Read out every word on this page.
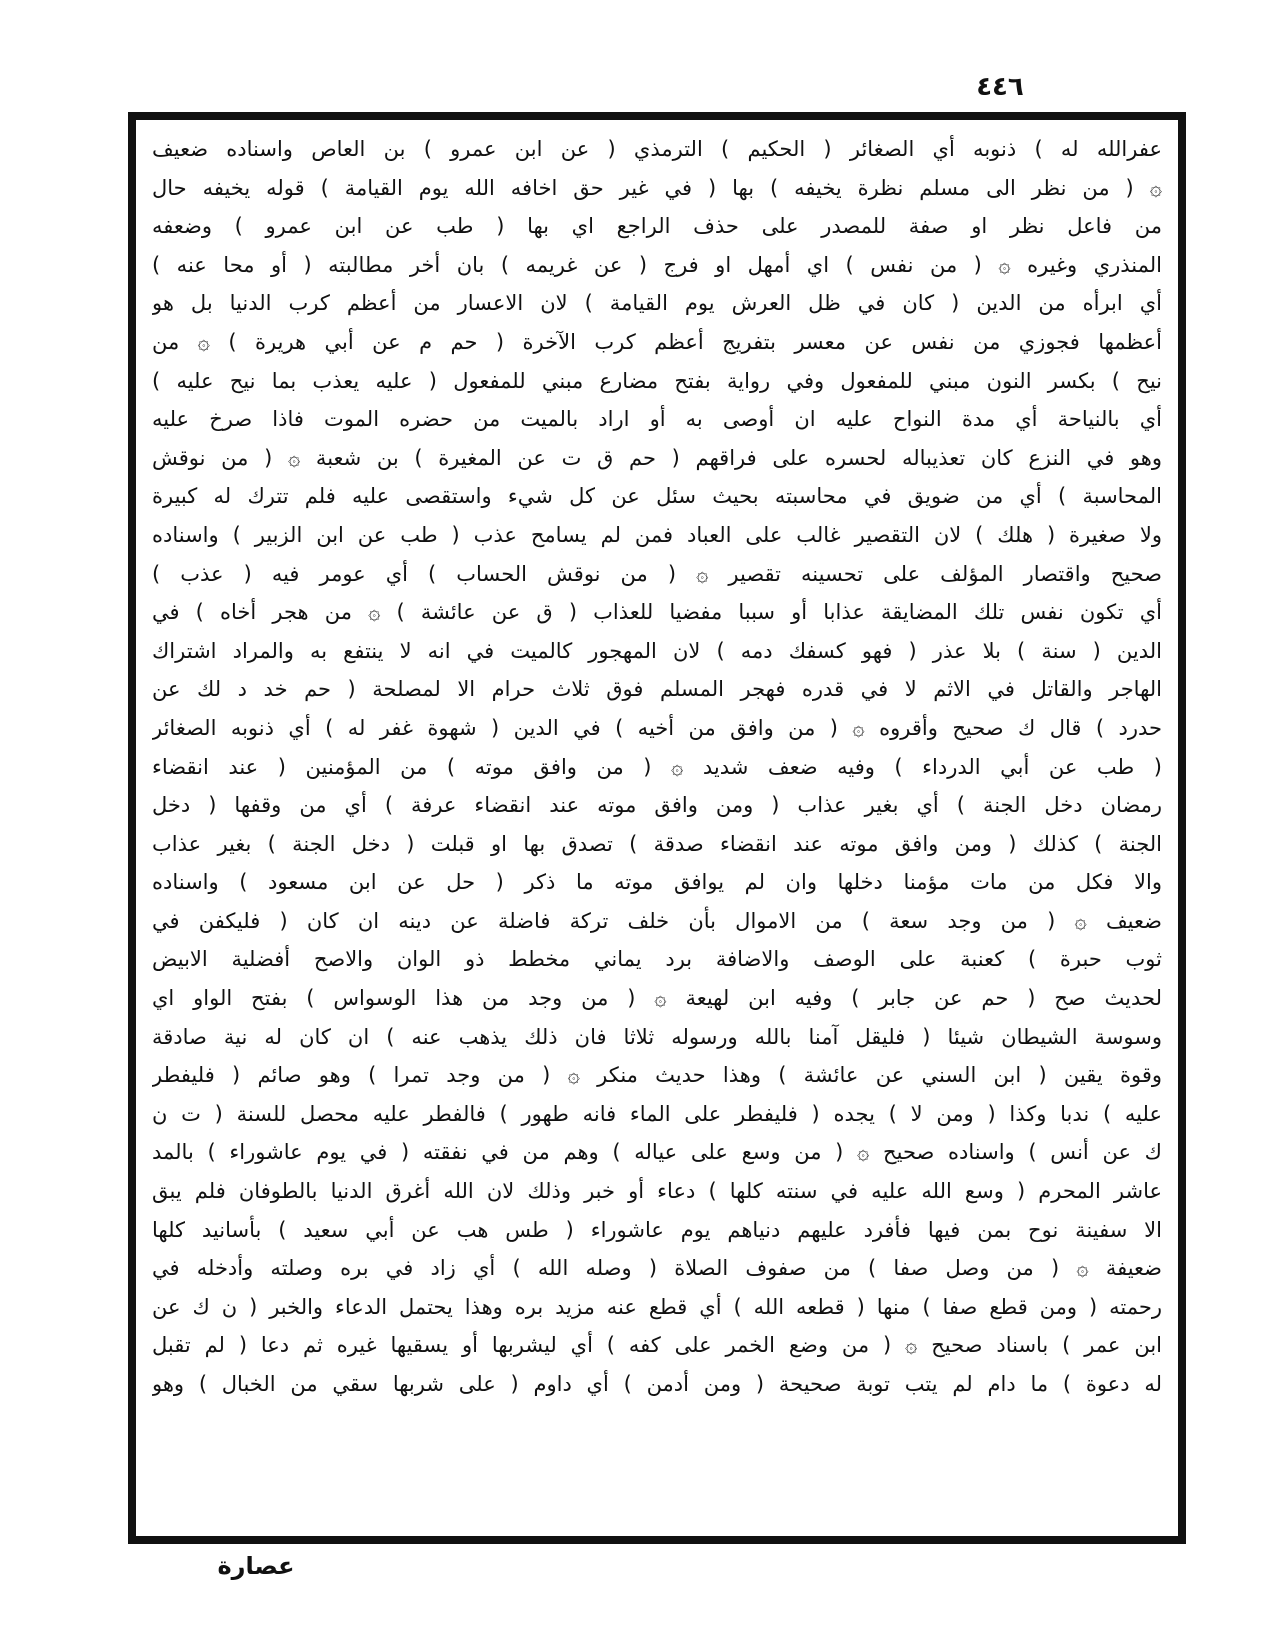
٤٤٦
عفرالله له ) ذنوبه أي الصغائر ( الحكيم ) الترمذي ( عن ابن عمرو ) بن العاص واسناده ضعيف
۞ ( من نظر الى مسلم نظرة يخيفه ) بها ( في غير حق اخافه الله يوم القيامة ) قوله يخيفه حال
من فاعل نظر او صفة للمصدر على حذف الراجع اي بها ( طب عن ابن عمرو ) وضعفه
المنذري وغيره ۞ ( من نفس ) اي أمهل او فرج ( عن غريمه ) بان أخر مطالبته ( أو محا عنه )
أي ابرأه من الدين ( كان في ظل العرش يوم القيامة ) لان الاعسار من أعظم كرب الدنيا بل هو
أعظمها فجوزي من نفس عن معسر بتفريج أعظم كرب الآخرة ( حم م عن أبي هريرة ) ۞ من
نيح ) بكسر النون مبني للمفعول وفي رواية بفتح مضارع مبني للمفعول ( عليه يعذب بما نيح عليه )
أي بالنياحة أي مدة النواح عليه ان أوصى به أو اراد بالميت من حضره الموت فاذا صرخ عليه
وهو في النزع كان تعذيباله لحسره على فراقهم ( حم ق ت عن المغيرة ) بن شعبة ۞ ( من نوقش
المحاسبة ) أي من ضويق في محاسبته بحيث سئل عن كل شيء واستقصى عليه فلم تترك له كبيرة
ولا صغيرة ( هلك ) لان التقصير غالب على العباد فمن لم يسامح عذب ( طب عن ابن الزبير ) واسناده
صحيح واقتصار المؤلف على تحسينه تقصير ۞ ( من نوقش الحساب ) أي عومر فيه ( عذب )
أي تكون نفس تلك المضايقة عذابا أو سببا مفضيا للعذاب ( ق عن عائشة ) ۞ من هجر أخاه ) في
الدين ( سنة ) بلا عذر ( فهو كسفك دمه ) لان المهجور كالميت في انه لا ينتفع به والمراد اشتراك
الهاجر والقاتل في الاثم لا في قدره فهجر المسلم فوق ثلاث حرام الا لمصلحة ( حم خد د لك عن
حدرد ) قال ك صحيح وأقروه ۞ ( من وافق من أخيه ) في الدين ( شهوة غفر له ) أي ذنوبه الصغائر
( طب عن أبي الدرداء ) وفيه ضعف شديد ۞ ( من وافق موته ) من المؤمنين ( عند انقضاء
رمضان دخل الجنة ) أي بغير عذاب ( ومن وافق موته عند انقضاء عرفة ) أي من وقفها ( دخل
الجنة ) كذلك ( ومن وافق موته عند انقضاء صدقة ) تصدق بها او قبلت ( دخل الجنة ) بغير عذاب
والا فكل من مات مؤمنا دخلها وان لم يوافق موته ما ذكر ( حل عن ابن مسعود ) واسناده
ضعيف ۞ ( من وجد سعة ) من الاموال بأن خلف تركة فاضلة عن دينه ان كان ( فليكفن في
ثوب حبرة ) كعنبة على الوصف والاضافة برد يماني مخطط ذو الوان والاصح أفضلية الابيض
لحديث صح ( حم عن جابر ) وفيه ابن لهيعة ۞ ( من وجد من هذا الوسواس ) بفتح الواو اي
وسوسة الشيطان شيئا ( فليقل آمنا بالله ورسوله ثلاثا فان ذلك يذهب عنه ) ان كان له نية صادقة
وقوة يقين ( ابن السني عن عائشة ) وهذا حديث منكر ۞ ( من وجد تمرا ) وهو صائم ( فليفطر
عليه ) ندبا وكذا ( ومن لا ) يجده ( فليفطر على الماء فانه طهور ) فالفطر عليه محصل للسنة ( ت ن
ك عن أنس ) واسناده صحيح ۞ ( من وسع على عياله ) وهم من في نفقته ( في يوم عاشوراء ) بالمد
عاشر المحرم ( وسع الله عليه في سنته كلها ) دعاء أو خبر وذلك لان الله أغرق الدنيا بالطوفان فلم يبق
الا سفينة نوح بمن فيها فأفرد عليهم دنياهم يوم عاشوراء ( طس هب عن أبي سعيد ) بأسانيد كلها
ضعيفة ۞ ( من وصل صفا ) من صفوف الصلاة ( وصله الله ) أي زاد في بره وصلته وأدخله في
رحمته ( ومن قطع صفا ) منها ( قطعه الله ) أي قطع عنه مزيد بره وهذا يحتمل الدعاء والخبر ( ن ك عن
ابن عمر ) باسناد صحيح ۞ ( من وضع الخمر على كفه ) أي ليشربها أو يسقيها غيره ثم دعا ( لم تقبل
له دعوة ) ما دام لم يتب توبة صحيحة ( ومن أدمن ) أي داوم ( على شربها سقي من الخبال ) وهو
عصارة
